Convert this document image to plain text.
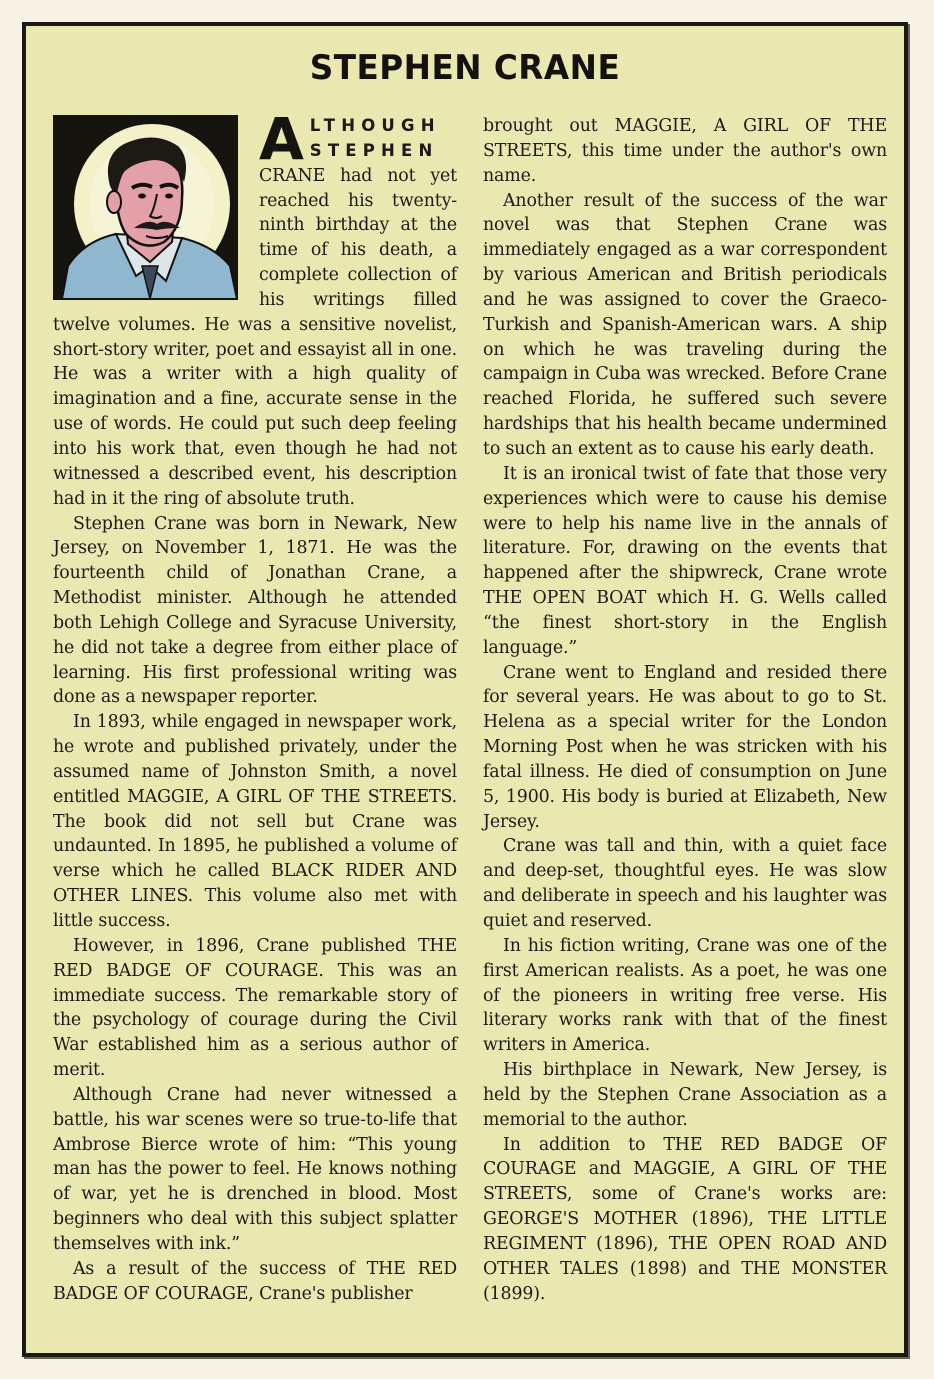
STEPHEN CRANE

ALTHOUGH
STEPHEN
CRANE had not yet reached his twenty-ninth birthday at the time of his death, a complete collection of his writings filled twelve volumes. He was a sensitive novelist, short-story writer, poet and essayist all in one. He was a writer with a high quality of imagination and a fine, accurate sense in the use of words. He could put such deep feeling into his work that, even though he had not witnessed a described event, his description had in it the ring of absolute truth.

Stephen Crane was born in Newark, New Jersey, on November 1, 1871. He was the fourteenth child of Jonathan Crane, a Methodist minister. Although he attended both Lehigh College and Syracuse University, he did not take a degree from either place of learning. His first professional writing was done as a newspaper reporter.

In 1893, while engaged in newspaper work, he wrote and published privately, under the assumed name of Johnston Smith, a novel entitled MAGGIE, A GIRL OF THE STREETS. The book did not sell but Crane was undaunted. In 1895, he published a volume of verse which he called BLACK RIDER AND OTHER LINES. This volume also met with little success.

However, in 1896, Crane published THE RED BADGE OF COURAGE. This was an immediate success. The remarkable story of the psychology of courage during the Civil War established him as a serious author of merit.

Although Crane had never witnessed a battle, his war scenes were so true-to-life that Ambrose Bierce wrote of him: “This young man has the power to feel. He knows nothing of war, yet he is drenched in blood. Most beginners who deal with this subject splatter themselves with ink.”

As a result of the success of THE RED BADGE OF COURAGE, Crane's publisher

brought out MAGGIE, A GIRL OF THE STREETS, this time under the author's own name.

Another result of the success of the war novel was that Stephen Crane was immediately engaged as a war correspondent by various American and British periodicals and he was assigned to cover the Graeco-Turkish and Spanish-American wars. A ship on which he was traveling during the campaign in Cuba was wrecked. Before Crane reached Florida, he suffered such severe hardships that his health became undermined to such an extent as to cause his early death.

It is an ironical twist of fate that those very experiences which were to cause his demise were to help his name live in the annals of literature. For, drawing on the events that happened after the shipwreck, Crane wrote THE OPEN BOAT which H. G. Wells called “the finest short-story in the English language.”

Crane went to England and resided there for several years. He was about to go to St. Helena as a special writer for the London Morning Post when he was stricken with his fatal illness. He died of consumption on June 5, 1900. His body is buried at Elizabeth, New Jersey.

Crane was tall and thin, with a quiet face and deep-set, thoughtful eyes. He was slow and deliberate in speech and his laughter was quiet and reserved.

In his fiction writing, Crane was one of the first American realists. As a poet, he was one of the pioneers in writing free verse. His literary works rank with that of the finest writers in America.

His birthplace in Newark, New Jersey, is held by the Stephen Crane Association as a memorial to the author.

In addition to THE RED BADGE OF COURAGE and MAGGIE, A GIRL OF THE STREETS, some of Crane's works are: GEORGE'S MOTHER (1896), THE LITTLE REGIMENT (1896), THE OPEN ROAD AND OTHER TALES (1898) and THE MONSTER (1899).
